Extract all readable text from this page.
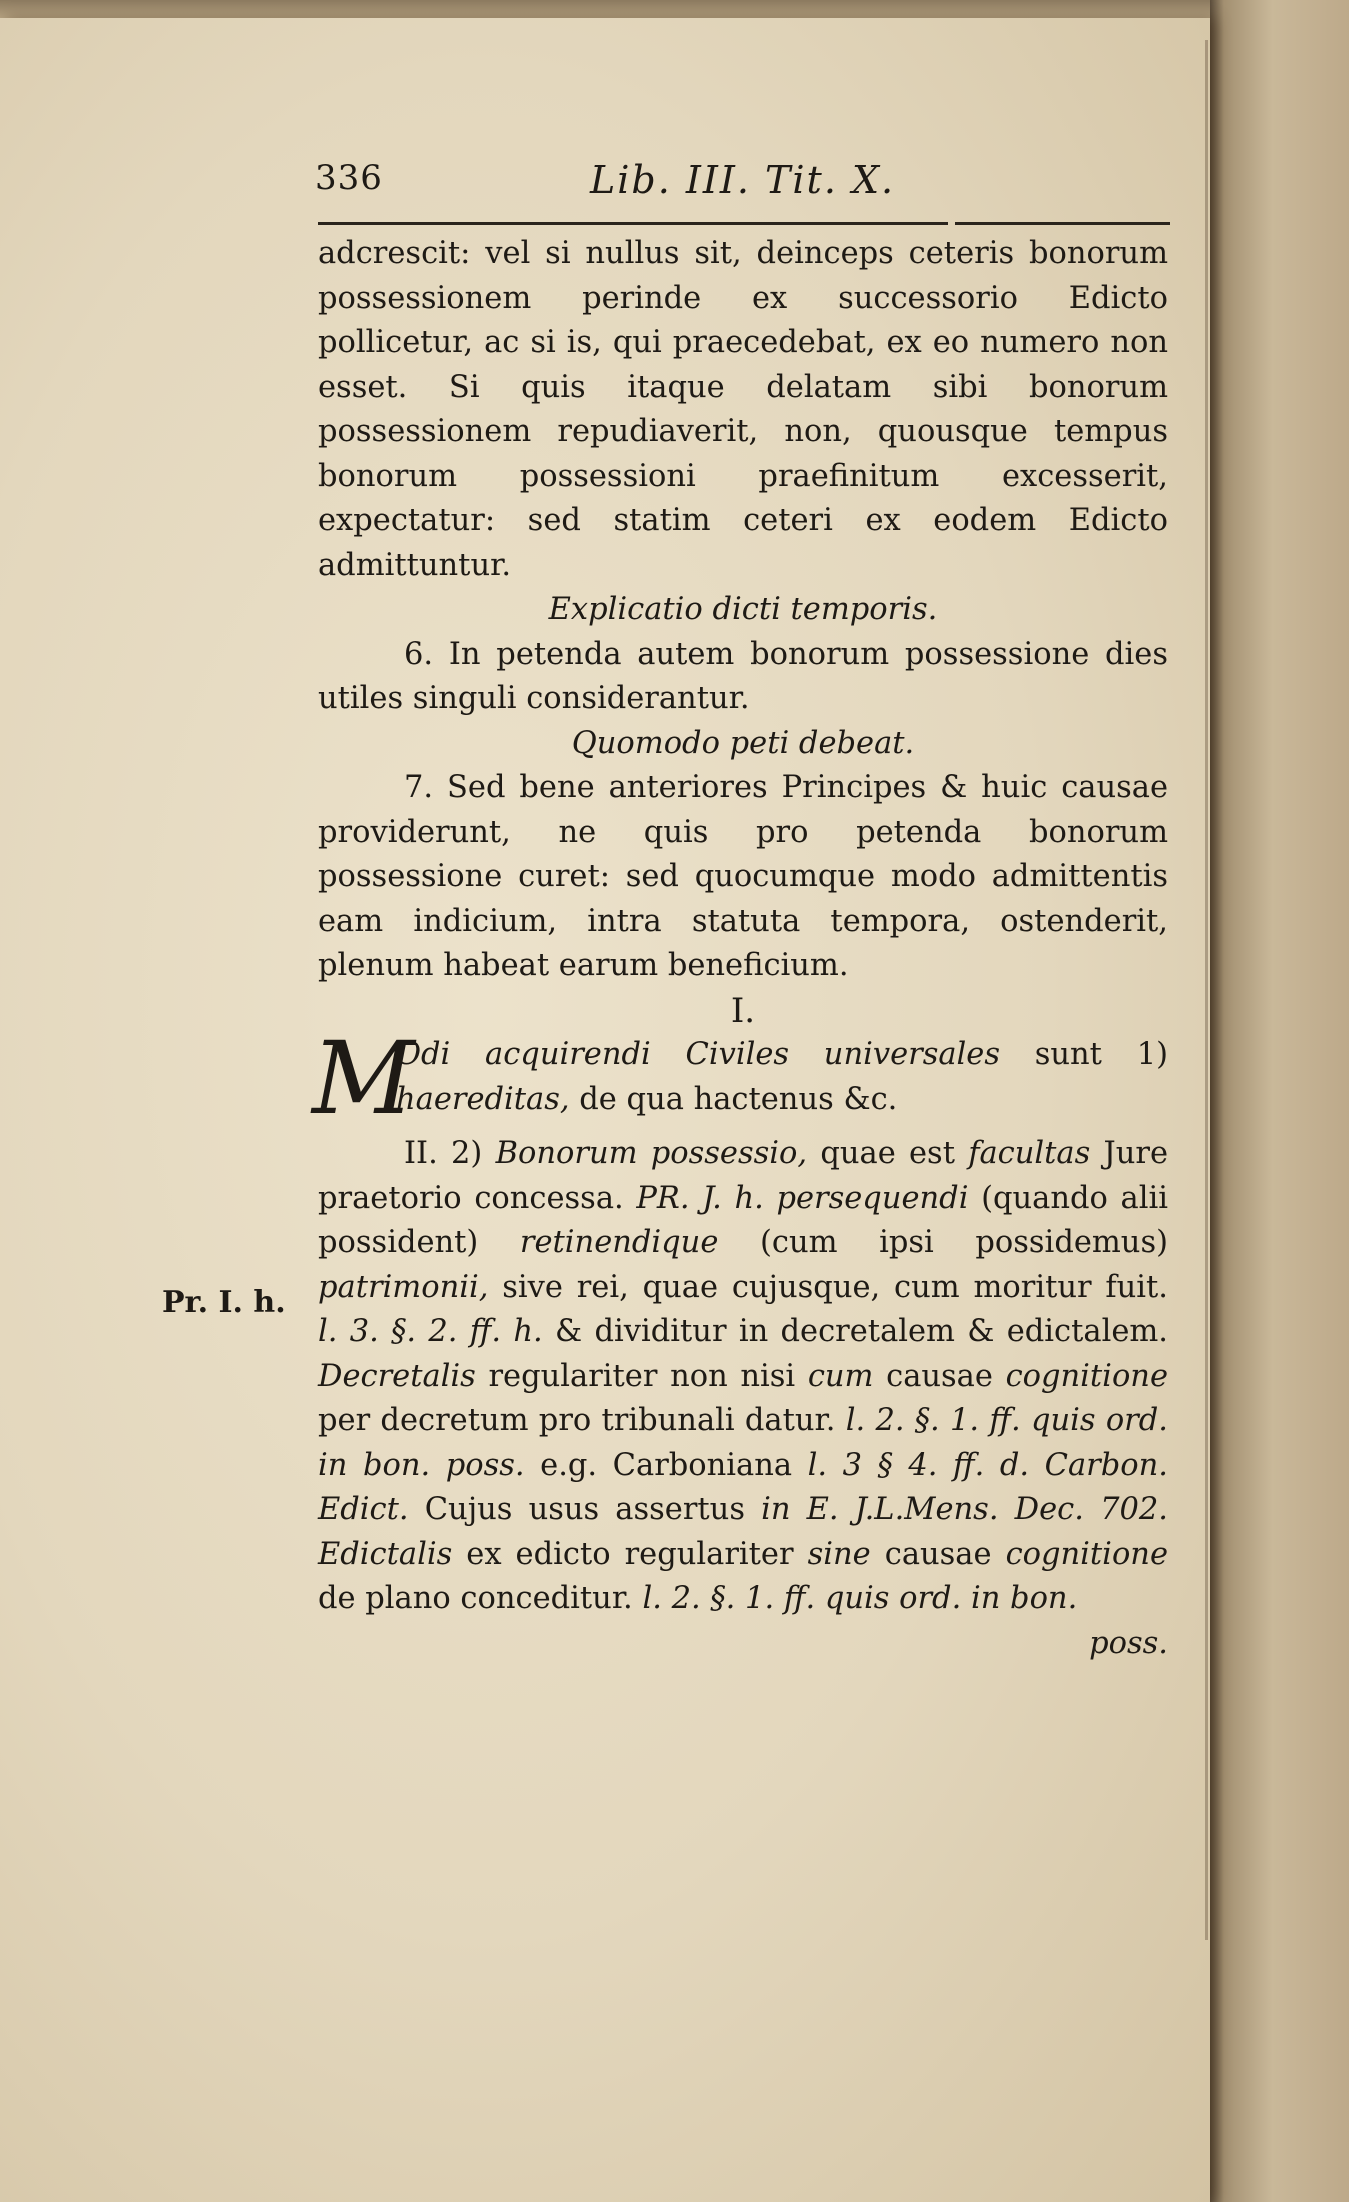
336	Lib. III. Tit. X.
Pr. I. h.

adcrescit: vel si nullus sit, deinceps ceteris bonorum possessionem perinde ex successorio Edicto pollicetur, ac si is, qui praecedebat, ex eo numero non esset. Si quis itaque delatam sibi bonorum possessionem repudiaverit, non, quousque tempus bonorum possessioni praefinitum excesserit, expectatur: sed statim ceteri ex eodem Edicto admittuntur.

Explicatio dicti temporis.

6. In petenda autem bonorum possessione dies utiles singuli considerantur.

Quomodo peti debeat.

7. Sed bene anteriores Principes & huic causae providerunt, ne quis pro petenda bonorum possessione curet: sed quocumque modo admittentis eam indicium, intra statuta tempora, ostenderit, plenum habeat earum beneficium.

I.

M
Odi acquirendi Civiles universales sunt 1) haereditas, de qua hactenus &c.

II. 2) Bonorum possessio, quae est facultas Jure praetorio concessa. PR. J. h. persequendi (quando alii possident) retinendique (cum ipsi possidemus) patrimonii, sive rei, quae cujusque, cum moritur fuit. l. 3. §. 2. ff. h. & dividitur in decretalem & edictalem. Decretalis regulariter non nisi cum causae cognitione per decretum pro tribunali datur. l. 2. §. 1. ff. quis ord. in bon. poss. e.g. Carboniana l. 3 § 4. ff. d. Carbon. Edict. Cujus usus assertus in E. J.L.Mens. Dec. 702. Edictalis ex edicto regulariter sine causae cognitione de plano conceditur. l. 2. §. 1. ff. quis ord. in bon.

poss.
